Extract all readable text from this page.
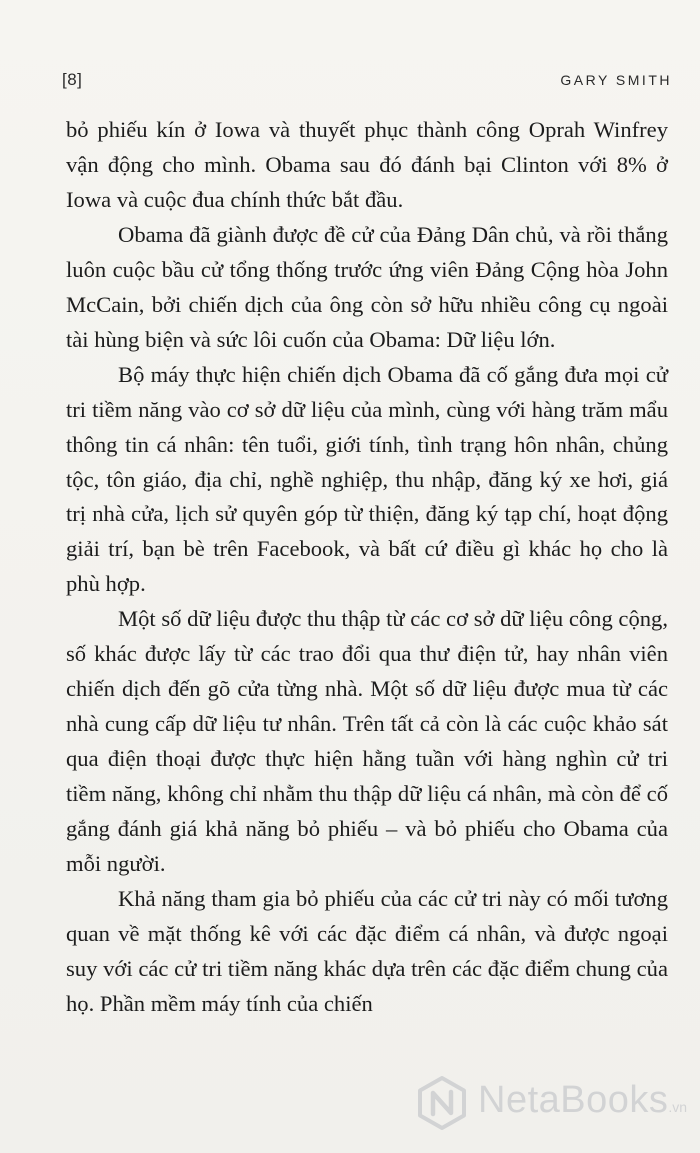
[8]	GARY SMITH

bỏ phiếu kín ở Iowa và thuyết phục thành công Oprah Winfrey vận động cho mình. Obama sau đó đánh bại Clinton với 8% ở Iowa và cuộc đua chính thức bắt đầu.

Obama đã giành được đề cử của Đảng Dân chủ, và rồi thắng luôn cuộc bầu cử tổng thống trước ứng viên Đảng Cộng hòa John McCain, bởi chiến dịch của ông còn sở hữu nhiều công cụ ngoài tài hùng biện và sức lôi cuốn của Obama: Dữ liệu lớn.

Bộ máy thực hiện chiến dịch Obama đã cố gắng đưa mọi cử tri tiềm năng vào cơ sở dữ liệu của mình, cùng với hàng trăm mẩu thông tin cá nhân: tên tuổi, giới tính, tình trạng hôn nhân, chủng tộc, tôn giáo, địa chỉ, nghề nghiệp, thu nhập, đăng ký xe hơi, giá trị nhà cửa, lịch sử quyên góp từ thiện, đăng ký tạp chí, hoạt động giải trí, bạn bè trên Facebook, và bất cứ điều gì khác họ cho là phù hợp.

Một số dữ liệu được thu thập từ các cơ sở dữ liệu công cộng, số khác được lấy từ các trao đổi qua thư điện tử, hay nhân viên chiến dịch đến gõ cửa từng nhà. Một số dữ liệu được mua từ các nhà cung cấp dữ liệu tư nhân. Trên tất cả còn là các cuộc khảo sát qua điện thoại được thực hiện hằng tuần với hàng nghìn cử tri tiềm năng, không chỉ nhằm thu thập dữ liệu cá nhân, mà còn để cố gắng đánh giá khả năng bỏ phiếu – và bỏ phiếu cho Obama của mỗi người.

Khả năng tham gia bỏ phiếu của các cử tri này có mối tương quan về mặt thống kê với các đặc điểm cá nhân, và được ngoại suy với các cử tri tiềm năng khác dựa trên các đặc điểm chung của họ. Phần mềm máy tính của chiến

NetaBooks.vn
